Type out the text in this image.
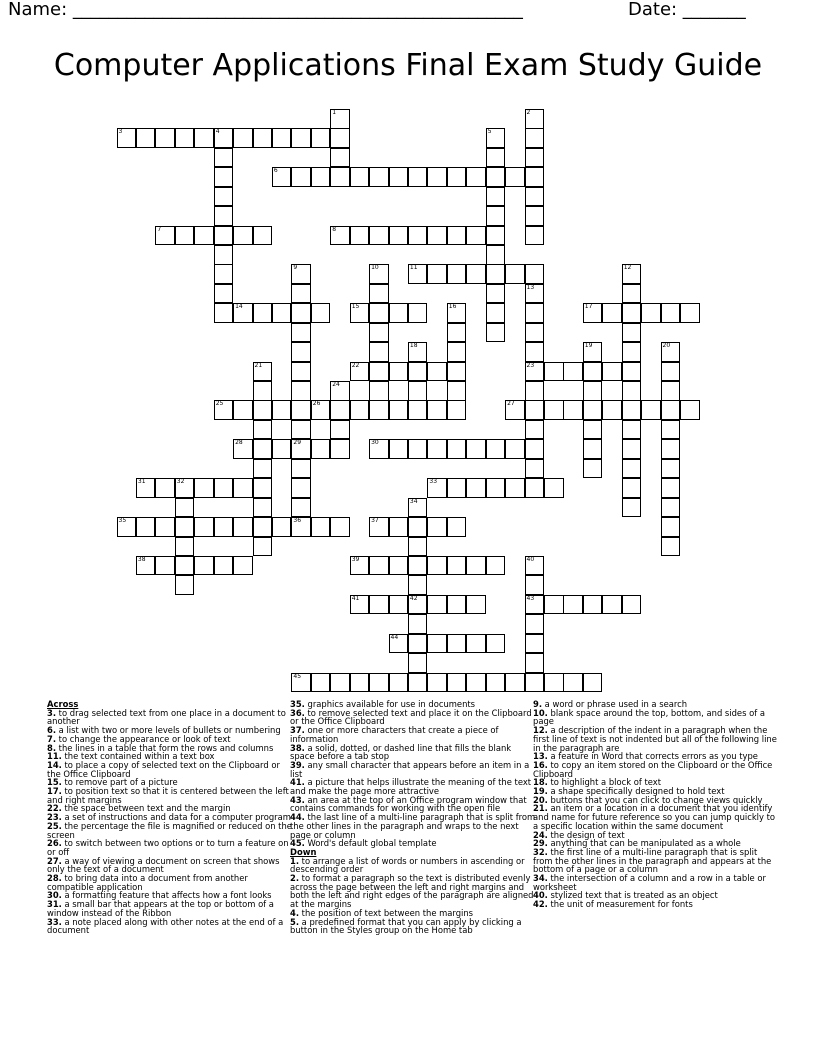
Name: __________________________________________________	Date: _______
Computer Applications Final Exam Study Guide
3	4
6
7	8
11
14	15	17
22	23
25	26	27
28	29	30
31	32	33
35	36	37
38	39
41	42	43
44
45
1	2
5
9	10	12
13
16
18	19	20
21
24
34
40
Across
3. to drag selected text from one place in a document to another
6. a list with two or more levels of bullets or numbering
7. to change the appearance or look of text
8. the lines in a table that form the rows and columns
11. the text contained within a text box
14. to place a copy of selected text on the Clipboard or the Office Clipboard
15. to remove part of a picture
17. to position text so that it is centered between the left and right margins
22. the space between text and the margin
23. a set of instructions and data for a computer program
25. the percentage the file is magnified or reduced on the screen
26. to switch between two options or to turn a feature on or off
27. a way of viewing a document on screen that shows only the text of a document
28. to bring data into a document from another compatible application
30. a formatting feature that affects how a font looks
31. a small bar that appears at the top or bottom of a window instead of the Ribbon
33. a note placed along with other notes at the end of a document
35. graphics available for use in documents
36. to remove selected text and place it on the Clipboard or the Office Clipboard
37. one or more characters that create a piece of information
38. a solid, dotted, or dashed line that fills the blank space before a tab stop
39. any small character that appears before an item in a list
41. a picture that helps illustrate the meaning of the text and make the page more attractive
43. an area at the top of an Office program window that contains commands for working with the open file
44. the last line of a multi-line paragraph that is split from the other lines in the paragraph and wraps to the next page or column
45. Word's default global template
Down
1. to arrange a list of words or numbers in ascending or descending order
2. to format a paragraph so the text is distributed evenly across the page between the left and right margins and both the left and right edges of the paragraph are aligned at the margins
4. the position of text between the margins
5. a predefined format that you can apply by clicking a button in the Styles group on the Home tab
9. a word or phrase used in a search
10. blank space around the top, bottom, and sides of a page
12. a description of the indent in a paragraph when the first line of text is not indented but all of the following line in the paragraph are
13. a feature in Word that corrects errors as you type
16. to copy an item stored on the Clipboard or the Office Clipboard
18. to highlight a block of text
19. a shape specifically designed to hold text
20. buttons that you can click to change views quickly
21. an item or a location in a document that you identify and name for future reference so you can jump quickly to a specific location within the same document
24. the design of text
29. anything that can be manipulated as a whole
32. the first line of a multi-line paragraph that is split from the other lines in the paragraph and appears at the bottom of a page or a column
34. the intersection of a column and a row in a table or worksheet
40. stylized text that is treated as an object
42. the unit of measurement for fonts
